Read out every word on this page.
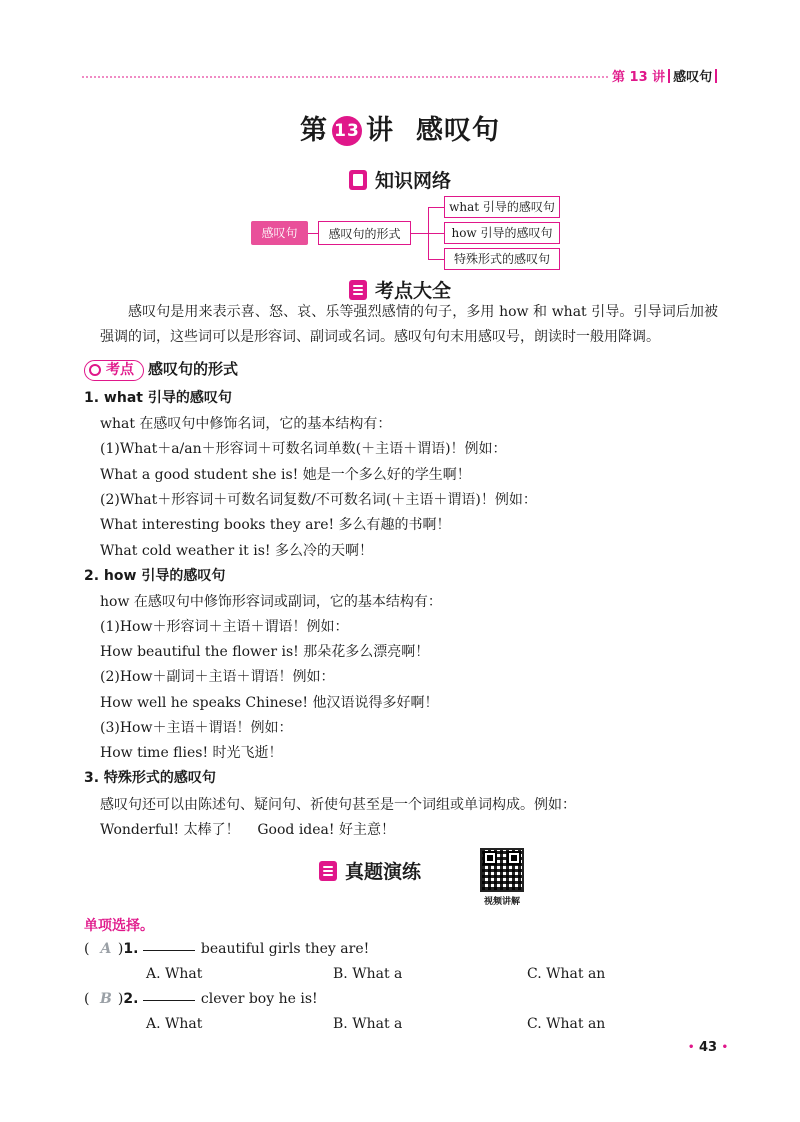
第 13 讲 感叹句
第 13 讲 感叹句
知识网络
感叹句	感叹句的形式
what 引导的感叹句
how 引导的感叹句
特殊形式的感叹句
考点大全
感叹句是用来表示喜、怒、哀、乐等强烈感情的句子，多用 how 和 what 引导。引导词后加被强调的词，这些词可以是形容词、副词或名词。感叹句句末用感叹号，朗读时一般用降调。
考点 感叹句的形式
1. what 引导的感叹句
what 在感叹句中修饰名词，它的基本结构有：
(1)What＋a/an＋形容词＋可数名词单数(＋主语＋谓语)！例如：
What a good student she is! 她是一个多么好的学生啊！
(2)What＋形容词＋可数名词复数/不可数名词(＋主语＋谓语)！例如：
What interesting books they are! 多么有趣的书啊！
What cold weather it is! 多么冷的天啊！
2. how 引导的感叹句
how 在感叹句中修饰形容词或副词，它的基本结构有：
(1)How＋形容词＋主语＋谓语！例如：
How beautiful the flower is! 那朵花多么漂亮啊！
(2)How＋副词＋主语＋谓语！例如：
How well he speaks Chinese! 他汉语说得多好啊！
(3)How＋主语＋谓语！例如：
How time flies! 时光飞逝！
3. 特殊形式的感叹句
感叹句还可以由陈述句、疑问句、祈使句甚至是一个词组或单词构成。例如：
Wonderful! 太棒了！    Good idea! 好主意！
真题演练
视频讲解
单项选择。
( A )1.	beautiful girls they are!
A. What	B. What a	C. What an
( B )2.	clever boy he is!
A. What	B. What a	C. What an
• 43 •
